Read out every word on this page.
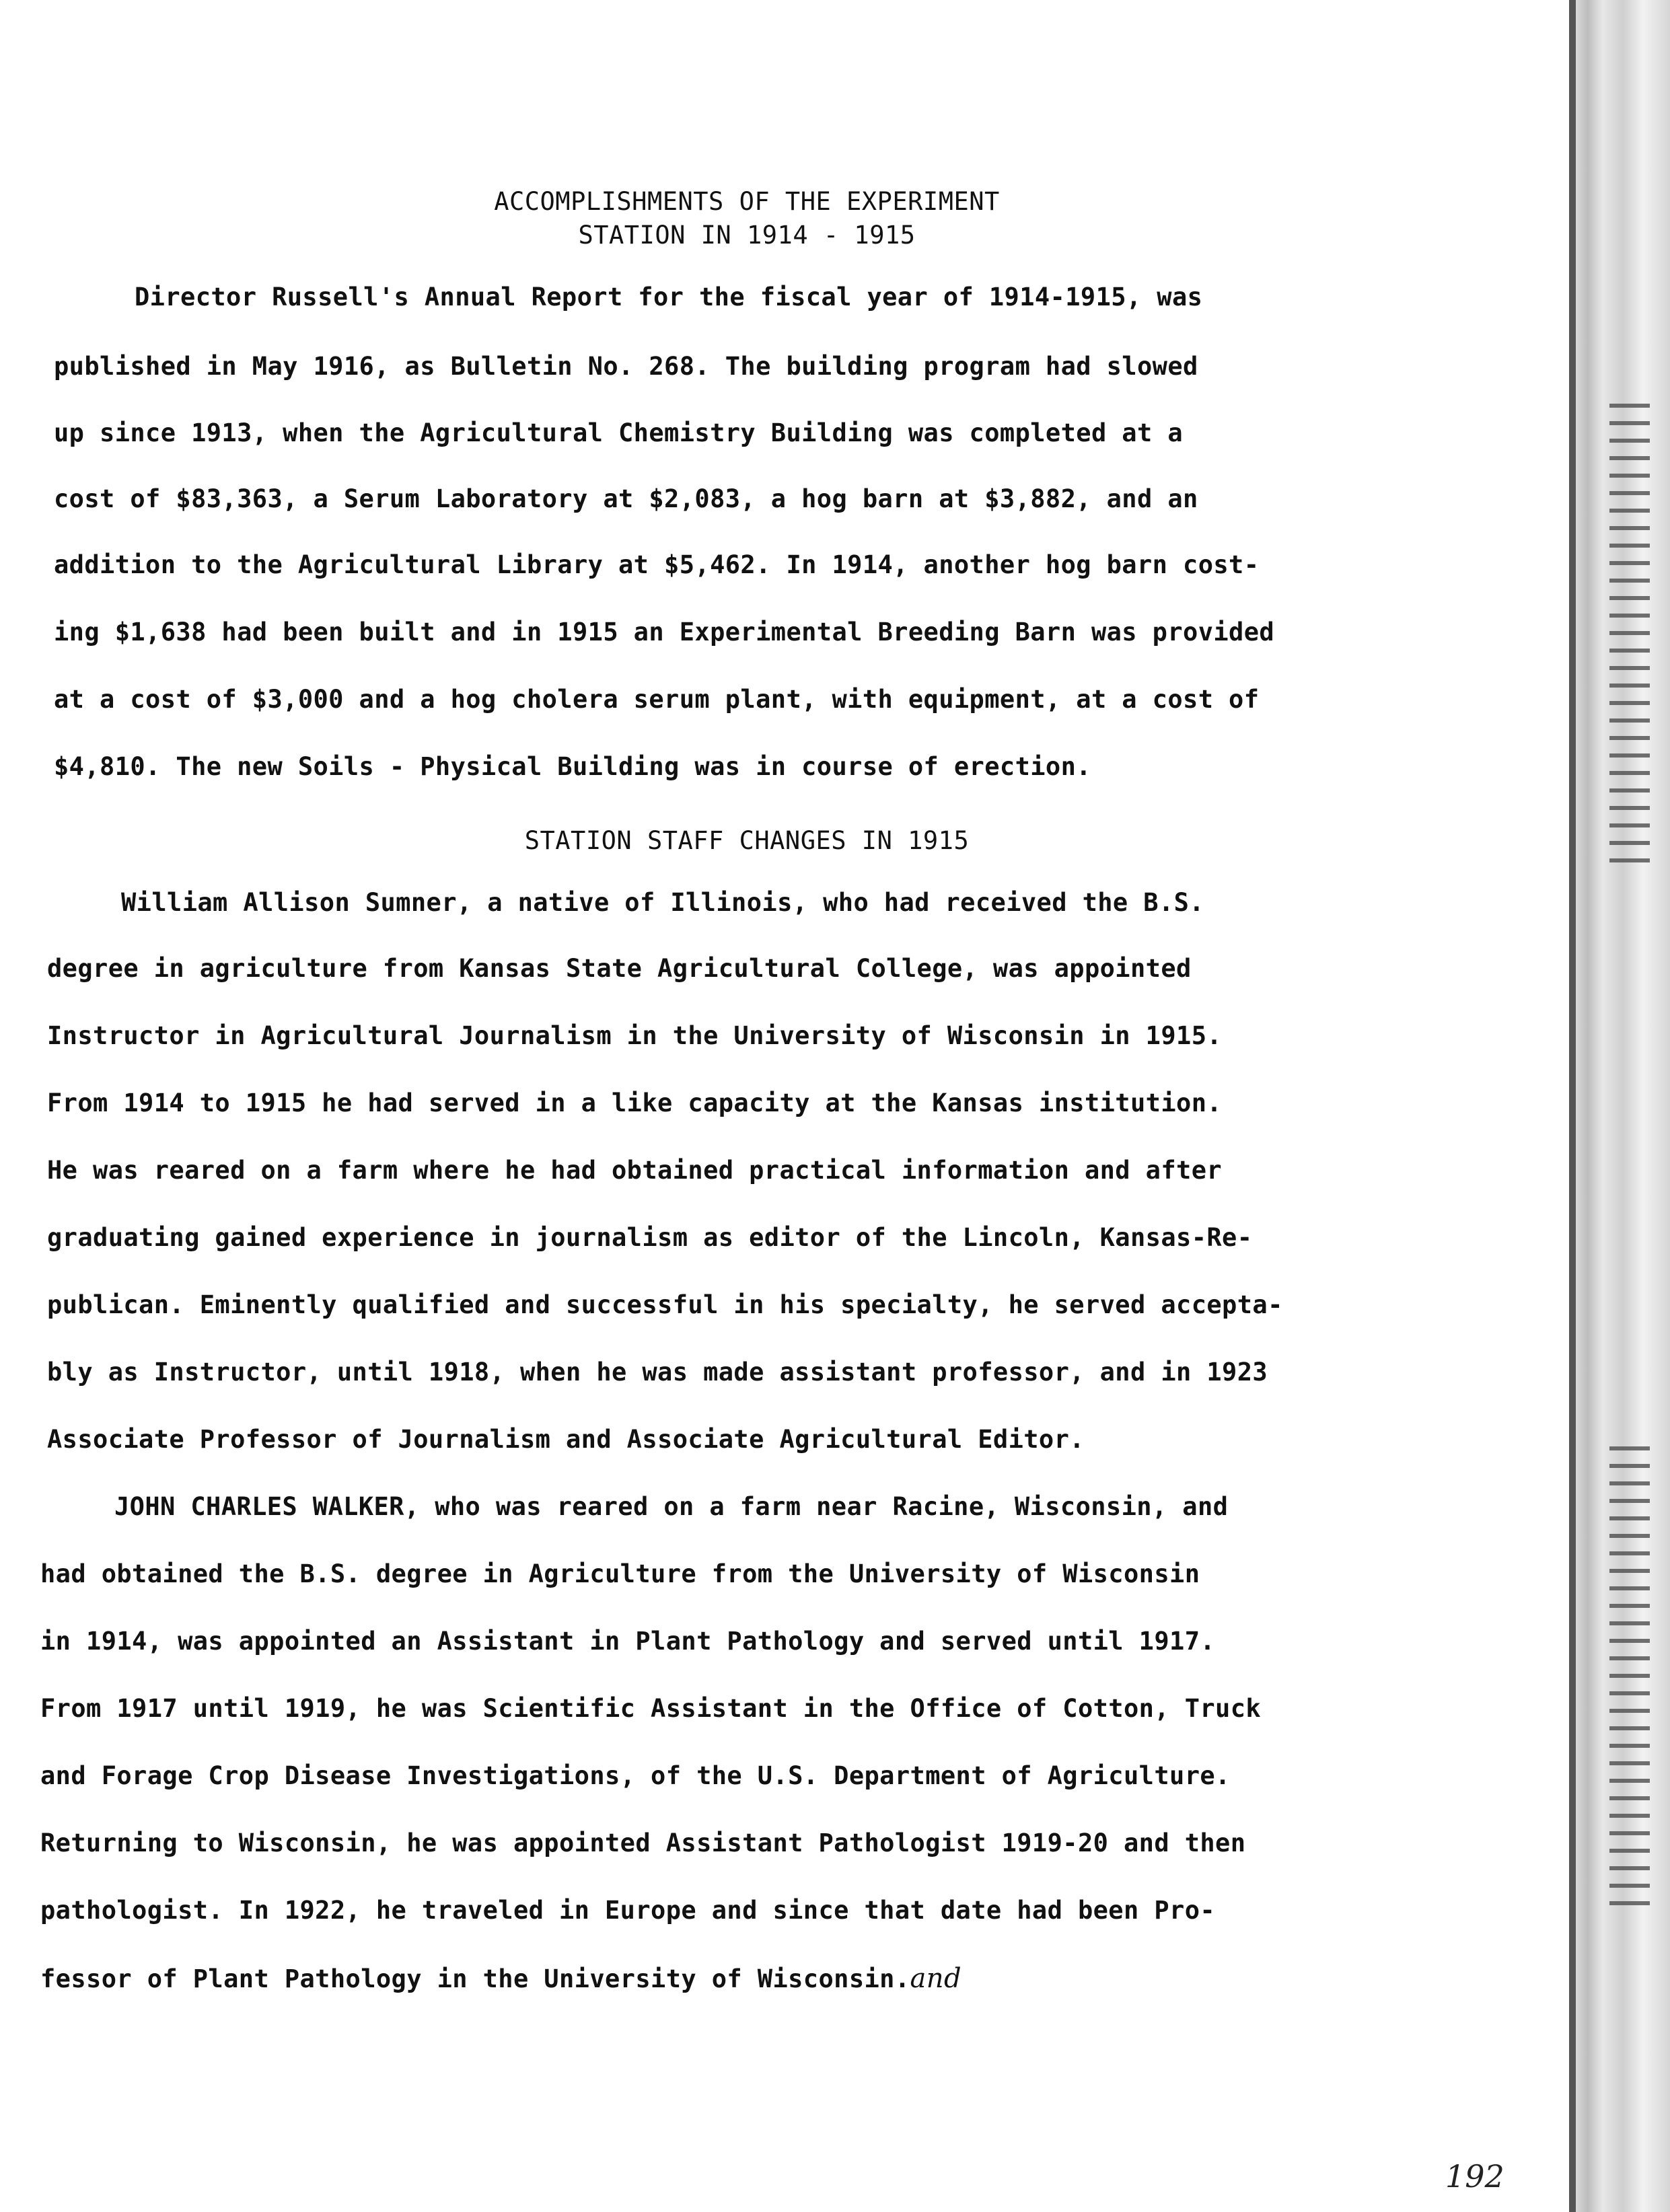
ACCOMPLISHMENTS OF THE EXPERIMENT
STATION IN 1914 - 1915
Director Russell's Annual Report for the fiscal year of 1914-1915, was
published in May 1916, as Bulletin No. 268. The building program had slowed
up since 1913, when the Agricultural Chemistry Building was completed at a
cost of $83,363, a Serum Laboratory at $2,083, a hog barn at $3,882, and an
addition to the Agricultural Library at $5,462. In 1914, another hog barn cost-
ing $1,638 had been built and in 1915 an Experimental Breeding Barn was provided
at a cost of $3,000 and a hog cholera serum plant, with equipment, at a cost of
$4,810. The new Soils - Physical Building was in course of erection.
STATION STAFF CHANGES IN 1915
William Allison Sumner, a native of Illinois, who had received the B.S.
degree in agriculture from Kansas State Agricultural College, was appointed
Instructor in Agricultural Journalism in the University of Wisconsin in 1915.
From 1914 to 1915 he had served in a like capacity at the Kansas institution.
He was reared on a farm where he had obtained practical information and after
graduating gained experience in journalism as editor of the Lincoln, Kansas-Re-
publican. Eminently qualified and successful in his specialty, he served accepta-
bly as Instructor, until 1918, when he was made assistant professor, and in 1923
Associate Professor of Journalism and Associate Agricultural Editor.
JOHN CHARLES WALKER, who was reared on a farm near Racine, Wisconsin, and
had obtained the B.S. degree in Agriculture from the University of Wisconsin
in 1914, was appointed an Assistant in Plant Pathology and served until 1917.
From 1917 until 1919, he was Scientific Assistant in the Office of Cotton, Truck
and Forage Crop Disease Investigations, of the U.S. Department of Agriculture.
Returning to Wisconsin, he was appointed Assistant Pathologist 1919-20 and then
pathologist. In 1922, he traveled in Europe and since that date had been Pro-
fessor of Plant Pathology in the University of Wisconsin.and
192
